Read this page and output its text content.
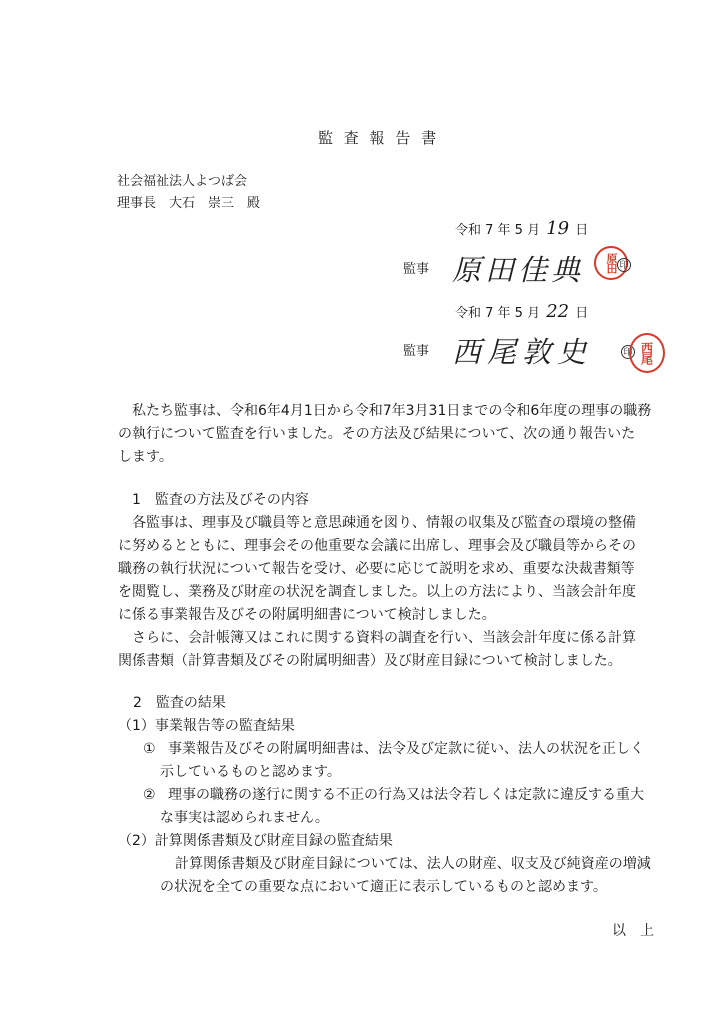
監 査 報 告 書
社会福祉法人よつば会
理事長　大石　崇三　殿
令和 7 年 5 月 19 日
監事 原田佳典 原田 印
令和 7 年 5 月 22 日
監事 西尾敦史	印 西尾
　私たち監事は、令和6年4月1日から令和7年3月31日までの令和6年度の理事の職務
の執行について監査を行いました。その方法及び結果について、次の通り報告いた
します。
1　監査の方法及びその内容
　各監事は、理事及び職員等と意思疎通を図り、情報の収集及び監査の環境の整備
に努めるとともに、理事会その他重要な会議に出席し、理事会及び職員等からその
職務の執行状況について報告を受け、必要に応じて説明を求め、重要な決裁書類等
を閲覧し、業務及び財産の状況を調査しました。以上の方法により、当該会計年度
に係る事業報告及びその附属明細書について検討しました。
　さらに、会計帳簿又はこれに関する資料の調査を行い、当該会計年度に係る計算
関係書類（計算書類及びその附属明細書）及び財産目録について検討しました。
2　監査の結果
（1）事業報告等の監査結果
① 事業報告及びその附属明細書は、法令及び定款に従い、法人の状況を正しく
示しているものと認めます。
② 理事の職務の遂行に関する不正の行為又は法令若しくは定款に違反する重大
な事実は認められません。
（2）計算関係書類及び財産目録の監査結果
計算関係書類及び財産目録については、法人の財産、収支及び純資産の増減
の状況を全ての重要な点において適正に表示しているものと認めます。
以　上
